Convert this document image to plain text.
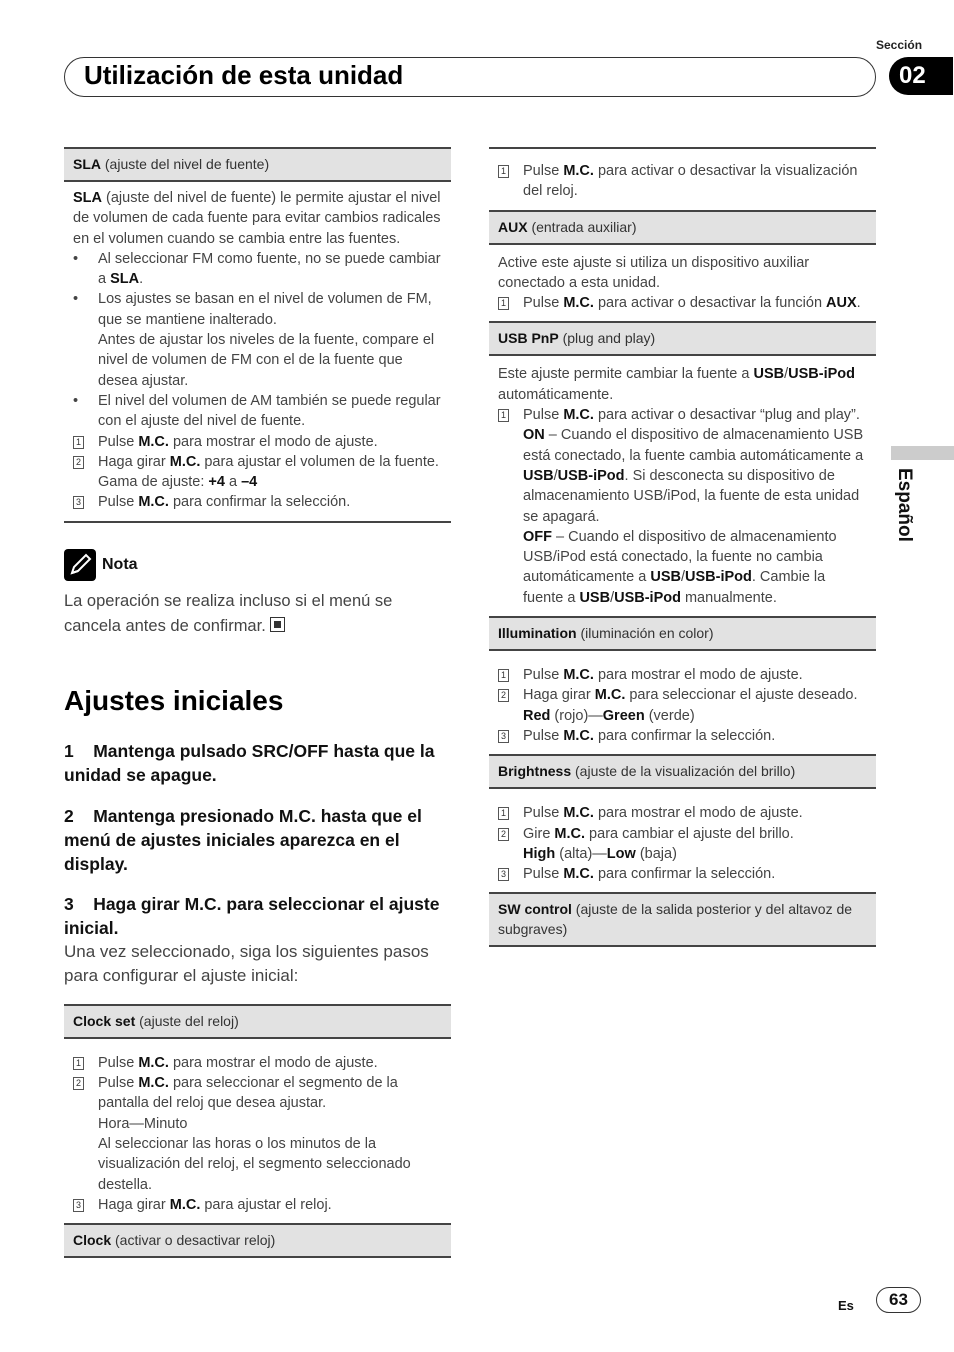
Sección
Utilización de esta unidad	02
Español
SLA (ajuste del nivel de fuente)
SLA (ajuste del nivel de fuente) le permite ajustar el nivel de volumen de cada fuente para evitar cambios radicales en el volumen cuando se cambia entre las fuentes.
•	Al seleccionar FM como fuente, no se puede cambiar a SLA.
•	Los ajustes se basan en el nivel de volumen de FM, que se mantiene inalterado.
Antes de ajustar los niveles de la fuente, compare el nivel de volumen de FM con el de la fuente que desea ajustar.
•	El nivel del volumen de AM también se puede regular con el ajuste del nivel de fuente.
1	Pulse M.C. para mostrar el modo de ajuste.
2	Haga girar M.C. para ajustar el volumen de la fuente.
Gama de ajuste: +4 a –4
3	Pulse M.C. para confirmar la selección.
Nota
La operación se realiza incluso si el menú se cancela antes de confirmar.
Ajustes iniciales
1 Mantenga pulsado SRC/OFF hasta que la unidad se apague.
2 Mantenga presionado M.C. hasta que el menú de ajustes iniciales aparezca en el display.
3 Haga girar M.C. para seleccionar el ajuste inicial.
Una vez seleccionado, siga los siguientes pasos para configurar el ajuste inicial:
Clock set (ajuste del reloj)
1	Pulse M.C. para mostrar el modo de ajuste.
2	Pulse M.C. para seleccionar el segmento de la pantalla del reloj que desea ajustar.
Hora—Minuto
Al seleccionar las horas o los minutos de la visualización del reloj, el segmento seleccionado destella.
3	Haga girar M.C. para ajustar el reloj.
Clock (activar o desactivar reloj)
1	Pulse M.C. para activar o desactivar la visualización del reloj.
AUX (entrada auxiliar)
Active este ajuste si utiliza un dispositivo auxiliar conectado a esta unidad.
1	Pulse M.C. para activar o desactivar la función AUX.
USB PnP (plug and play)
Este ajuste permite cambiar la fuente a USB/USB-iPod automáticamente.
1	Pulse M.C. para activar o desactivar “plug and play”.
ON – Cuando el dispositivo de almacenamiento USB está conectado, la fuente cambia automáticamente a USB/USB-iPod. Si desconecta su dispositivo de almacenamiento USB/iPod, la fuente de esta unidad se apagará.
OFF – Cuando el dispositivo de almacenamiento USB/iPod está conectado, la fuente no cambia automáticamente a USB/USB-iPod. Cambie la fuente a USB/USB-iPod manualmente.
Illumination (iluminación en color)
1	Pulse M.C. para mostrar el modo de ajuste.
2	Haga girar M.C. para seleccionar el ajuste deseado.
Red (rojo)—Green (verde)
3	Pulse M.C. para confirmar la selección.
Brightness (ajuste de la visualización del brillo)
1	Pulse M.C. para mostrar el modo de ajuste.
2	Gire M.C. para cambiar el ajuste del brillo.
High (alta)—Low (baja)
3	Pulse M.C. para confirmar la selección.
SW control (ajuste de la salida posterior y del altavoz de subgraves)
Es	63
